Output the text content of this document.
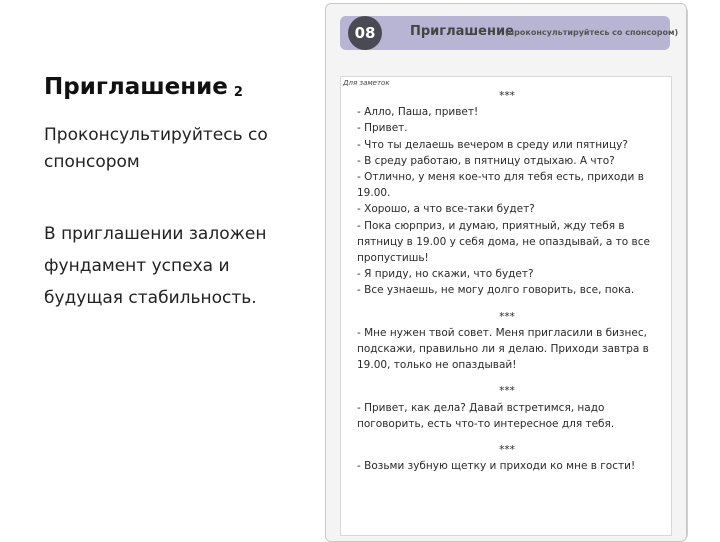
Приглашение 2
Проконсультируйтесь со спонсором
В приглашении заложен фундамент успеха и будущая стабильность.
08	Приглашение
(проконсультируйтесь со спонсором)
Для заметок
***
- Алло, Паша, привет!
- Привет.
- Что ты делаешь вечером в среду или пятницу?
- В среду работаю, в пятницу отдыхаю. А что?
- Отлично, у меня кое-что для тебя есть, приходи в 19.00.
- Хорошо, а что все-таки будет?
- Пока сюрприз, и думаю, приятный, жду тебя в пятницу в 19.00 у себя дома, не опаздывай, а то все пропустишь!
- Я приду, но скажи, что будет?
- Все узнаешь, не могу долго говорить, все, пока.
***
- Мне нужен твой совет. Меня пригласили в бизнес, подскажи, правильно ли я делаю. Приходи завтра в 19.00, только не опаздывай!
***
- Привет, как дела? Давай встретимся, надо поговорить, есть что-то интересное для тебя.
***
- Возьми зубную щетку и приходи ко мне в гости!
